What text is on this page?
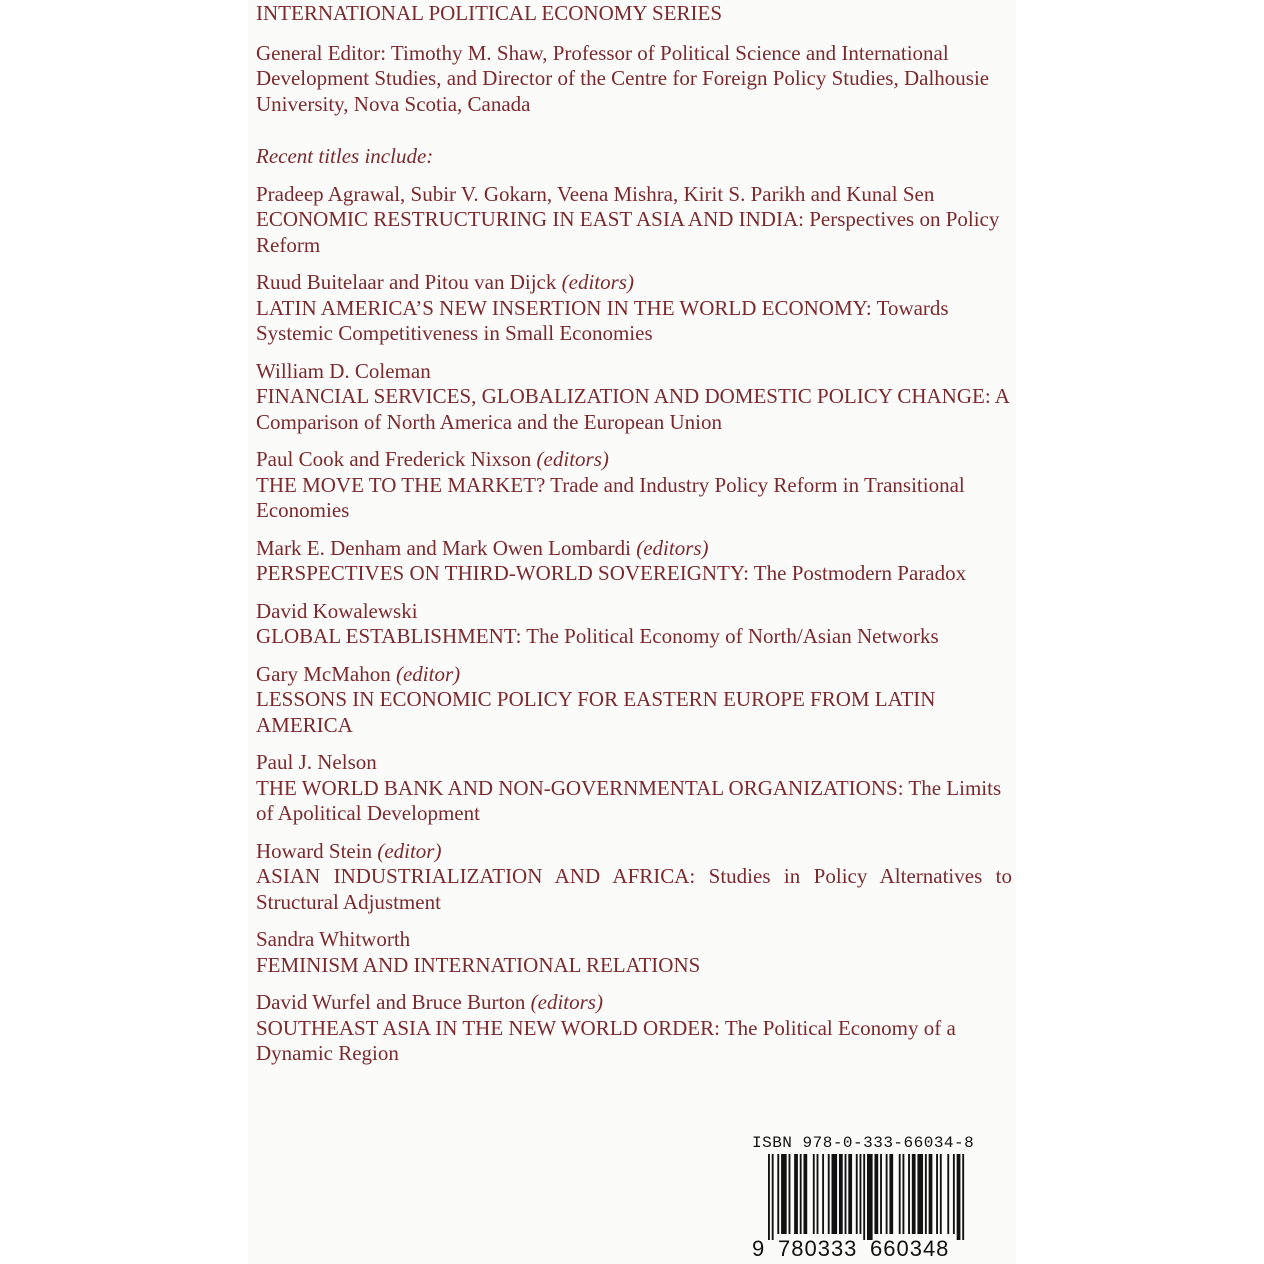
INTERNATIONAL POLITICAL ECONOMY SERIES
General Editor: Timothy M. Shaw, Professor of Political Science and International Development Studies, and Director of the Centre for Foreign Policy Studies, Dalhousie University, Nova Scotia, Canada
Recent titles include:
Pradeep Agrawal, Subir V. Gokarn, Veena Mishra, Kirit S. Parikh and Kunal Sen
ECONOMIC RESTRUCTURING IN EAST ASIA AND INDIA: Perspectives on Policy Reform
Ruud Buitelaar and Pitou van Dijck (editors)
LATIN AMERICA’S NEW INSERTION IN THE WORLD ECONOMY: Towards Systemic Competitiveness in Small Economies
William D. Coleman
FINANCIAL SERVICES, GLOBALIZATION AND DOMESTIC POLICY CHANGE: A Comparison of North America and the European Union
Paul Cook and Frederick Nixson (editors)
THE MOVE TO THE MARKET? Trade and Industry Policy Reform in Transitional Economies
Mark E. Denham and Mark Owen Lombardi (editors)
PERSPECTIVES ON THIRD-WORLD SOVEREIGNTY: The Postmodern Paradox
David Kowalewski
GLOBAL ESTABLISHMENT: The Political Economy of North/Asian Networks
Gary McMahon (editor)
LESSONS IN ECONOMIC POLICY FOR EASTERN EUROPE FROM LATIN AMERICA
Paul J. Nelson
THE WORLD BANK AND NON-GOVERNMENTAL ORGANIZATIONS: The Limits of Apolitical Development
Howard Stein (editor)
ASIAN INDUSTRIALIZATION AND AFRICA: Studies in Policy Alternatives to Structural Adjustment
Sandra Whitworth
FEMINISM AND INTERNATIONAL RELATIONS
David Wurfel and Bruce Burton (editors)
SOUTHEAST ASIA IN THE NEW WORLD ORDER: The Political Economy of a Dynamic Region
ISBN 978-0-333-66034-8
9 780333 660348
